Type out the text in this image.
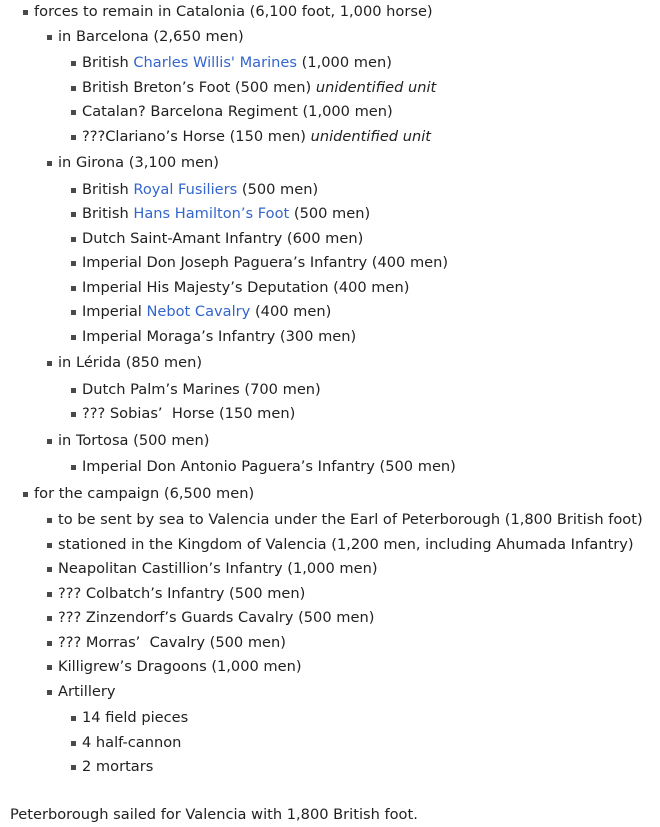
forces to remain in Catalonia (6,100 foot, 1,000 horse)
in Barcelona (2,650 men)
British Charles Willis' Marines (1,000 men)
British Breton’s Foot (500 men) unidentified unit
Catalan? Barcelona Regiment (1,000 men)
???Clariano’s Horse (150 men) unidentified unit
in Girona (3,100 men)
British Royal Fusiliers (500 men)
British Hans Hamilton’s Foot (500 men)
Dutch Saint-Amant Infantry (600 men)
Imperial Don Joseph Paguera’s Infantry (400 men)
Imperial His Majesty’s Deputation (400 men)
Imperial Nebot Cavalry (400 men)
Imperial Moraga’s Infantry (300 men)
in Lérida (850 men)
Dutch Palm’s Marines (700 men)
??? Sobias’  Horse (150 men)
in Tortosa (500 men)
Imperial Don Antonio Paguera’s Infantry (500 men)
for the campaign (6,500 men)
to be sent by sea to Valencia under the Earl of Peterborough (1,800 British foot)
stationed in the Kingdom of Valencia (1,200 men, including Ahumada Infantry)
Neapolitan Castillion’s Infantry (1,000 men)
??? Colbatch’s Infantry (500 men)
??? Zinzendorf’s Guards Cavalry (500 men)
??? Morras’  Cavalry (500 men)
Killigrew’s Dragoons (1,000 men)
Artillery
14 field pieces
4 half-cannon
2 mortars

Peterborough sailed for Valencia with 1,800 British foot.
